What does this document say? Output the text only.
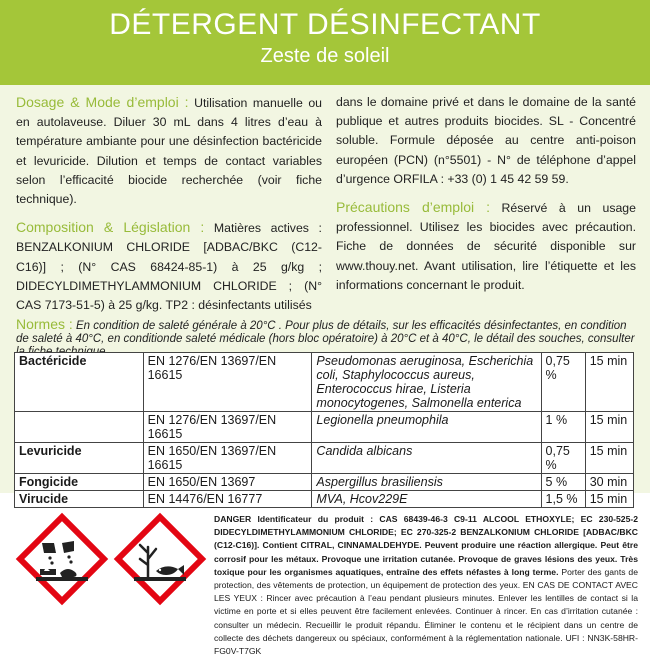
DÉTERGENT DÉSINFECTANT
Zeste de soleil

Dosage & Mode d’emploi : Utilisation manuelle ou en autolaveuse. Diluer 30 mL dans 4 litres d’eau à température ambiante pour une désinfection bactéricide et levuricide. Dilution et temps de contact variables selon l’efficacité biocide recherchée (voir fiche technique).

Composition & Législation : Matières actives : BENZALKONIUM CHLORIDE [ADBAC/BKC (C12-C16)] ; (N° CAS 68424-85-1) à 25 g/kg ; DIDECYLDIMETHYLAMMONIUM CHLORIDE ; (N° CAS 7173-51-5) à 25 g/kg. TP2 : désinfectants utilisés

dans le domaine privé et dans le domaine de la santé publique et autres produits biocides. SL - Concentré soluble. Formule déposée au centre anti-poison européen (PCN) (n°5501) - N° de téléphone d’appel d’urgence ORFILA : +33 (0) 1 45 42 59 59.

Précautions d’emploi : Réservé à un usage professionnel. Utilisez les biocides avec précaution. Fiche de données de sécurité disponible sur www.thouy.net. Avant utilisation, lire l’étiquette et les informations concernant le produit.

Normes : En condition de saleté générale à 20°C . Pour plus de détails, sur les efficacités désinfectantes, en condition de saleté à 40°C, en conditionde saleté médicale (hors bloc opératoire) à 20°C et à 40°C, le détail des souches, consulter
Bactéricide	EN 1276/EN 13697/EN 16615	Pseudomonas aeruginosa, Escherichia coli, Staphylococcus aureus, Enterococcus hirae, Listeria monocytogenes, Salmonella enterica	0,75 %	15 min
	EN 1276/EN 13697/EN 16615	Legionella pneumophila	1 %	15 min
Levuricide	EN 1650/EN 13697/EN 16615	Candida albicans	0,75 %	15 min
Fongicide	EN 1650/EN 13697	Aspergillus brasiliensis	5 %	30 min
Virucide	EN 14476/EN 16777	MVA, Hcov229E	1,5 %	15 min
DANGER Identificateur du produit : CAS 68439-46-3 C9-11 ALCOOL ETHOXYLE; EC 230-525-2 DIDECYLDIMETHYLAMMONIUM CHLORIDE; EC 270-325-2 BENZALKONIUM CHLORIDE [ADBAC/BKC (C12-C16)]. Contient CITRAL, CINNAMALDEHYDE. Peuvent produire une réaction allergique. Peut être corrosif pour les métaux. Provoque une irritation cutanée. Provoque de graves lésions des yeux. Très toxique pour les organismes aquatiques, entraîne des effets néfastes à long terme. Porter des gants de protection, des vêtements de protection, un équipement de protection des yeux. EN CAS DE CONTACT AVEC LES YEUX : Rincer avec précaution à l’eau pendant plusieurs minutes. Enlever les lentilles de contact si la victime en porte et si elles peuvent être facilement enlevées. Continuer à rincer. En cas d’irritation cutanée : consulter un médecin. Recueillir le produit répandu. Éliminer le contenu et le récipient dans un centre de collecte des déchets dangereux ou spéciaux, conformément à la réglementation nationale. UFI : NN3K-58HR-FG0V-T7GK
